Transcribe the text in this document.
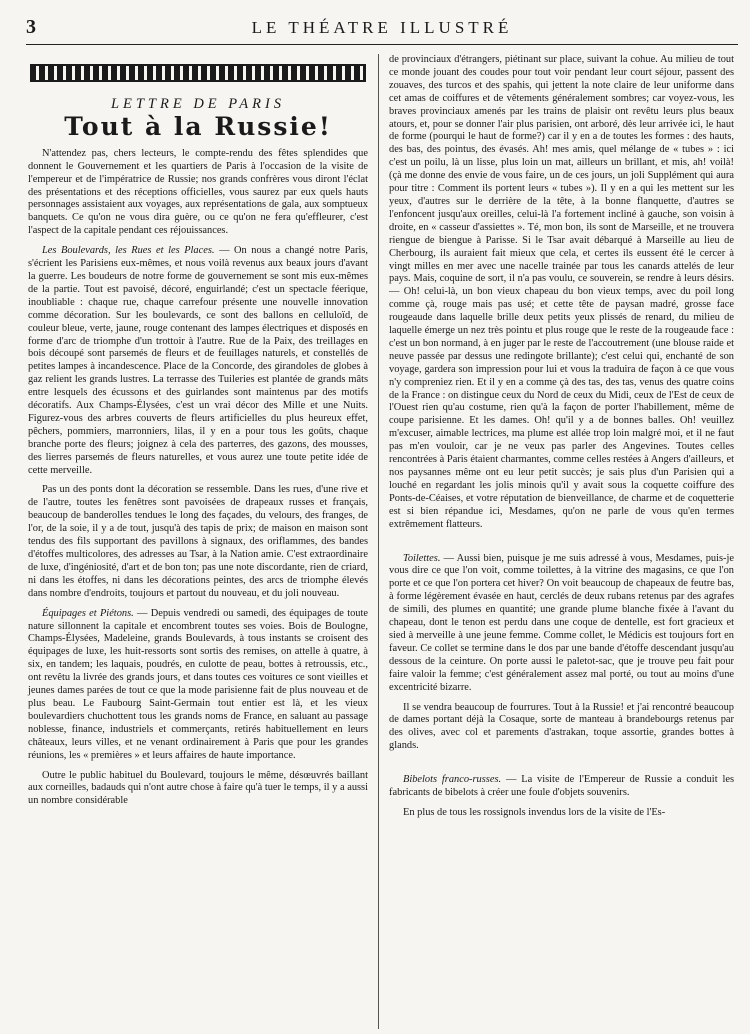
3	LE THÉATRE ILLUSTRÉ
LETTRE DE PARIS
Tout à la Russie!

N'attendez pas, chers lecteurs, le compte-rendu des fêtes splendides que donnent le Gouvernement et les quartiers de Paris à l'occasion de la visite de l'empereur et de l'impératrice de Russie; nos grands confrères vous diront l'éclat des présentations et des réceptions officielles, vous saurez par eux quels hauts personnages assistaient aux voyages, aux représentations de gala, aux somptueux banquets. Ce qu'on ne vous dira guère, ou ce qu'on ne fera qu'effleurer, c'est l'aspect de la capitale pendant ces réjouissances.

Les Boulevards, les Rues et les Places. — On nous a changé notre Paris, s'écrient les Parisiens eux-mêmes, et nous voilà revenus aux beaux jours d'avant la guerre. Les boudeurs de notre forme de gouvernement se sont mis eux-mêmes de la partie. Tout est pavoisé, décoré, enguirlandé; c'est un spectacle féerique, inoubliable : chaque rue, chaque carrefour présente une nouvelle innovation comme décoration. Sur les boulevards, ce sont des ballons en celluloïd, de couleur bleue, verte, jaune, rouge contenant des lampes électriques et disposés en forme d'arc de triomphe d'un trottoir à l'autre. Rue de la Paix, des treillages en bois découpé sont parsemés de fleurs et de feuillages naturels, et constellés de petites lampes à incandescence. Place de la Concorde, des girandoles de globes à gaz relient les grands lustres. La terrasse des Tuileries est plantée de grands mâts entre lesquels des écussons et des guirlandes sont maintenus par des motifs décoratifs. Aux Champs-Élysées, c'est un vrai décor des Mille et une Nuits. Figurez-vous des arbres couverts de fleurs artificielles du plus heureux effet, pêchers, pommiers, marronniers, lilas, il y en a pour tous les goûts, chaque branche porte des fleurs; joignez à cela des parterres, des gazons, des mousses, des lierres parsemés de fleurs naturelles, et vous aurez une toute petite idée de cette merveille.

Pas un des ponts dont la décoration se ressemble. Dans les rues, d'une rive et de l'autre, toutes les fenêtres sont pavoisées de drapeaux russes et français, beaucoup de banderolles tendues le long des façades, du velours, des franges, de l'or, de la soie, il y a de tout, jusqu'à des tapis de prix; de maison en maison sont tendus des fils supportant des pavillons à signaux, des oriflammes, des bandes d'étoffes multicolores, des adresses au Tsar, à la Nation amie. C'est extraordinaire de luxe, d'ingéniosité, d'art et de bon ton; pas une note discordante, rien de criard, ni dans les étoffes, ni dans les décorations peintes, des arcs de triomphe élevés dans nombre d'endroits, toujours et partout du nouveau, et du joli nouveau.

Équipages et Piétons. — Depuis vendredi ou samedi, des équipages de toute nature sillonnent la capitale et encombrent toutes ses voies. Bois de Boulogne, Champs-Élysées, Madeleine, grands Boulevards, à tous instants se croisent des équipages de luxe, les huit-ressorts sont sortis des remises, on attelle à quatre, à six, en tandem; les laquais, poudrés, en culotte de peau, bottes à retroussis, etc., ont revêtu la livrée des grands jours, et dans toutes ces voitures ce sont vieilles et jeunes dames parées de tout ce que la mode parisienne fait de plus nouveau et de plus beau. Le Faubourg Saint-Germain tout entier est là, et les vieux boulevardiers chuchottent tous les grands noms de France, en saluant au passage noblesse, finance, industriels et commerçants, retirés habituellement en leurs châteaux, leurs villes, et ne venant ordinairement à Paris que pour les grandes réunions, les « premières » et leurs affaires de haute importance.

Outre le public habituel du Boulevard, toujours le même, désœuvrés baillant aux corneilles, badauds qui n'ont autre chose à faire qu'à tuer le temps, il y a aussi un nombre considérable

de provinciaux d'étrangers, piétinant sur place, suivant la cohue. Au milieu de tout ce monde jouant des coudes pour tout voir pendant leur court séjour, passent des zouaves, des turcos et des spahis, qui jettent la note claire de leur uniforme dans cet amas de coiffures et de vêtements généralement sombres; car voyez-vous, les braves provinciaux amenés par les trains de plaisir ont revêtu leurs plus beaux atours, et, pour se donner l'air plus parisien, ont arboré, dès leur arrivée ici, le haut de forme (pourqui le haut de forme?) car il y en a de toutes les formes : des hauts, des bas, des pointus, des évasés. Ah! mes amis, quel mélange de « tubes » : ici c'est un poilu, là un lisse, plus loin un mat, ailleurs un brillant, et mis, ah! voilà! (çà me donne des envie de vous faire, un de ces jours, un joli Supplément qui aura pour titre : Comment ils portent leurs « tubes »). Il y en a qui les mettent sur les yeux, d'autres sur le derrière de la tête, à la bonne flanquette, d'autres se l'enfoncent jusqu'aux oreilles, celui-là l'a fortement incliné à gauche, son voisin à droite, en « casseur d'assiettes ». Té, mon bon, ils sont de Marseille, et ne trouvera riengue de biengue à Parisse. Si le Tsar avait débarqué à Marseille au lieu de Cherbourg, ils auraient fait mieux que cela, et certes ils eussent été le cercer à vingt milles en mer avec une nacelle trainée par tous les canards attelés de leur pays. Mais, coquine de sort, il n'a pas voulu, ce souverein, se rendre à leurs désirs. — Oh! celui-là, un bon vieux chapeau du bon vieux temps, avec du poil long comme çà, rouge mais pas usé; et cette tête de paysan madré, grosse face rougeaude dans laquelle brille deux petits yeux plissés de renard, du milieu de laquelle émerge un nez très pointu et plus rouge que le reste de la rougeaude face : c'est un bon normand, à en juger par le reste de l'accoutrement (une blouse raide et neuve passée par dessus une redingote brillante); c'est celui qui, enchanté de son voyage, gardera son impression pour lui et vous la traduira de façon à ce que vous n'y compreniez rien. Et il y en a comme çà des tas, des tas, venus des quatre coins de la France : on distingue ceux du Nord de ceux du Midi, ceux de l'Est de ceux de l'Ouest rien qu'au costume, rien qu'à la façon de porter l'habillement, même de coupe parisienne. Et les dames. Oh! qu'il y a de bonnes balles. Oh! veuillez m'excuser, aimable lectrices, ma plume est allée trop loin malgré moi, et il ne faut pas m'en vouloir, car je ne veux pas parler des Angevines. Toutes celles rencontrées à Paris étaient charmantes, comme celles restées à Angers d'ailleurs, et nos paysannes même ont eu leur petit succès; je sais plus d'un Parisien qui a louché en regardant les jolis minois qu'il y avait sous la coquette coiffure des Ponts-de-Céaises, et votre réputation de bienveillance, de charme et de coquetterie est si bien répandue ici, Mesdames, qu'on ne parle de vous qu'en termes extrêmement flatteurs.

Toilettes. — Aussi bien, puisque je me suis adressé à vous, Mesdames, puis-je vous dire ce que l'on voit, comme toilettes, à la vitrine des magasins, ce que l'on porte et ce que l'on portera cet hiver? On voit beaucoup de chapeaux de feutre bas, à forme légèrement évasée en haut, cerclés de deux rubans retenus par des agrafes de similì, des plumes en quantité; une grande plume blanche fixée à l'avant du chapeau, dont le tenon est perdu dans une coque de dentelle, est fort gracieux et sied à merveille à une jeune femme. Comme collet, le Médicis est toujours fort en faveur. Ce collet se termine dans le dos par une bande d'étoffe descendant jusqu'au dessous de la ceinture. On porte aussi le paletot-sac, que je trouve peu fait pour faire valoir la femme; c'est généralement assez mal porté, ou tout au moins d'une excentricité bizarre.

Il se vendra beaucoup de fourrures. Tout à la Russie! et j'ai rencontré beaucoup de dames portant déjà la Cosaque, sorte de manteau à brandebourgs retenus par des olives, avec col et parements d'astrakan, toque assortie, grandes bottes à glands.

Bibelots franco-russes. — La visite de l'Empereur de Russie a conduit les fabricants de bibelots à créer une foule d'objets souvenirs.

En plus de tous les rossignols invendus lors de la visite de l'Es-
